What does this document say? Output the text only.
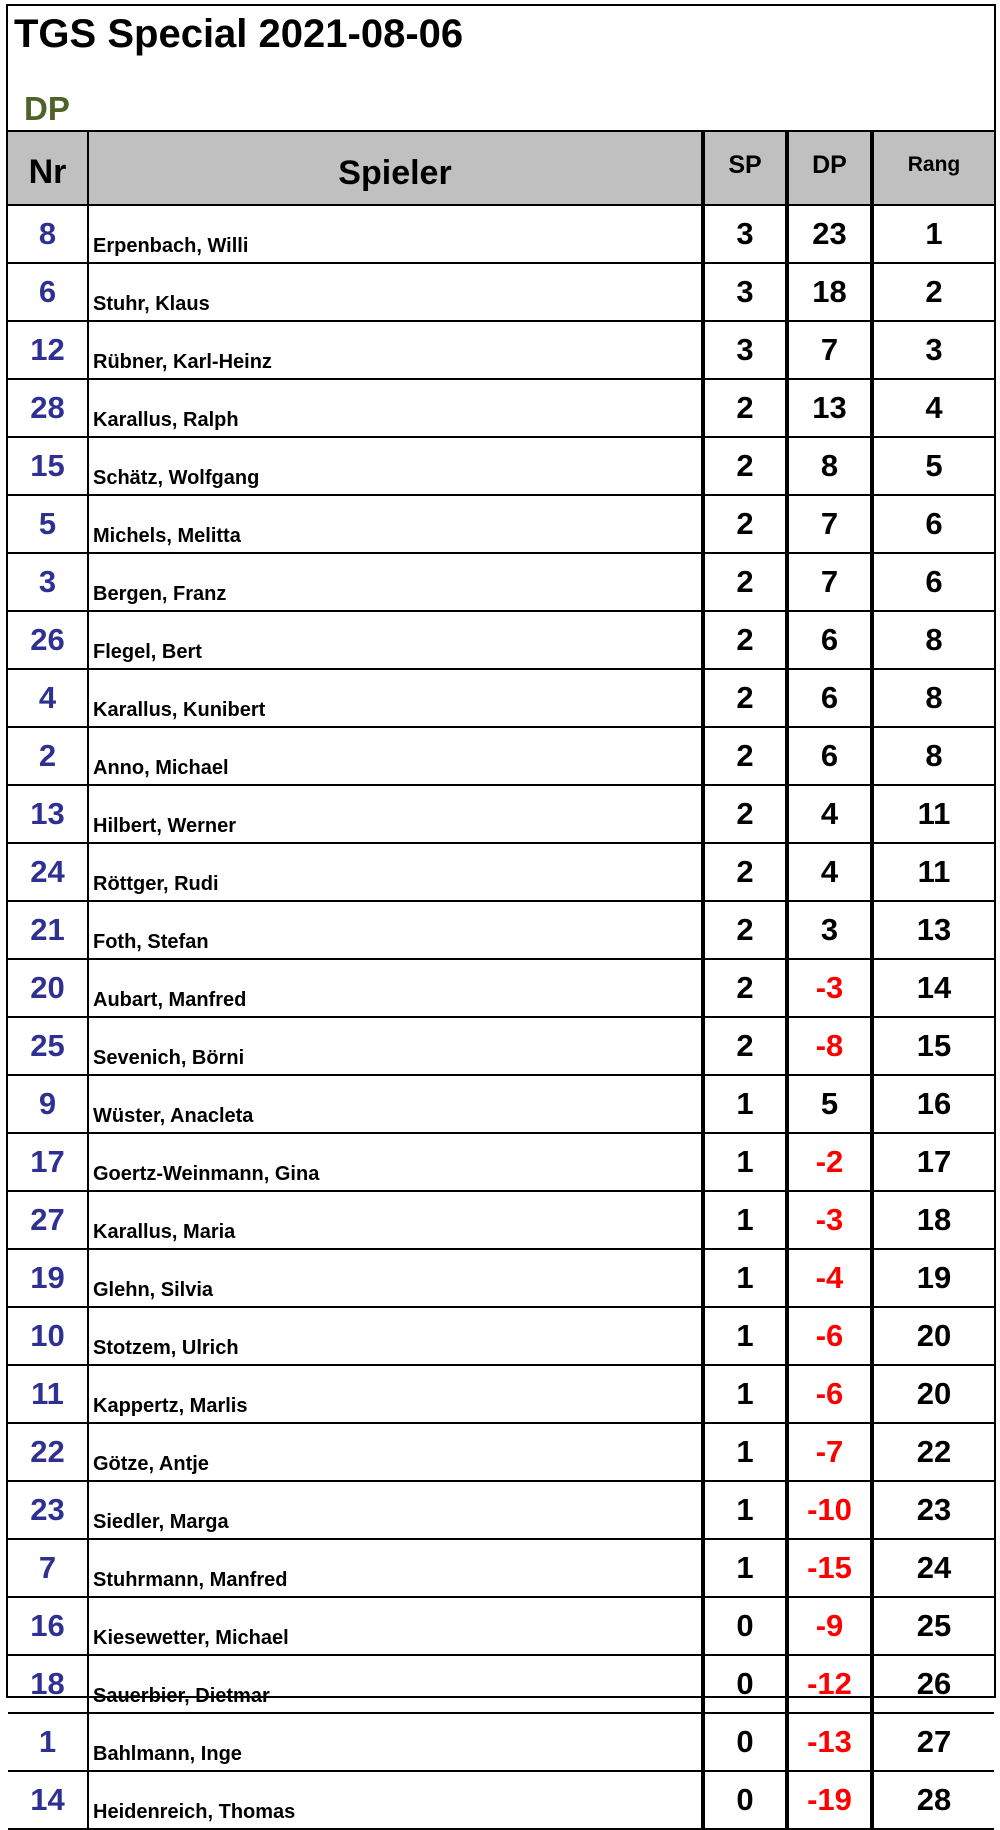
TGS Special 2021-08-06
DP
Nr	Spieler	SP	DP	Rang
8	Erpenbach, Willi	3	23	1
6	Stuhr, Klaus	3	18	2
12	Rübner, Karl-Heinz	3	7	3
28	Karallus, Ralph	2	13	4
15	Schätz, Wolfgang	2	8	5
5	Michels, Melitta	2	7	6
3	Bergen, Franz	2	7	6
26	Flegel, Bert	2	6	8
4	Karallus, Kunibert	2	6	8
2	Anno, Michael	2	6	8
13	Hilbert, Werner	2	4	11
24	Röttger, Rudi	2	4	11
21	Foth, Stefan	2	3	13
20	Aubart, Manfred	2	-3	14
25	Sevenich, Börni	2	-8	15
9	Wüster, Anacleta	1	5	16
17	Goertz-Weinmann, Gina	1	-2	17
27	Karallus, Maria	1	-3	18
19	Glehn, Silvia	1	-4	19
10	Stotzem, Ulrich	1	-6	20
11	Kappertz, Marlis	1	-6	20
22	Götze, Antje	1	-7	22
23	Siedler, Marga	1	-10	23
7	Stuhrmann, Manfred	1	-15	24
16	Kiesewetter, Michael	0	-9	25
18	Sauerbier, Dietmar	0	-12	26
1	Bahlmann, Inge	0	-13	27
14	Heidenreich, Thomas	0	-19	28
